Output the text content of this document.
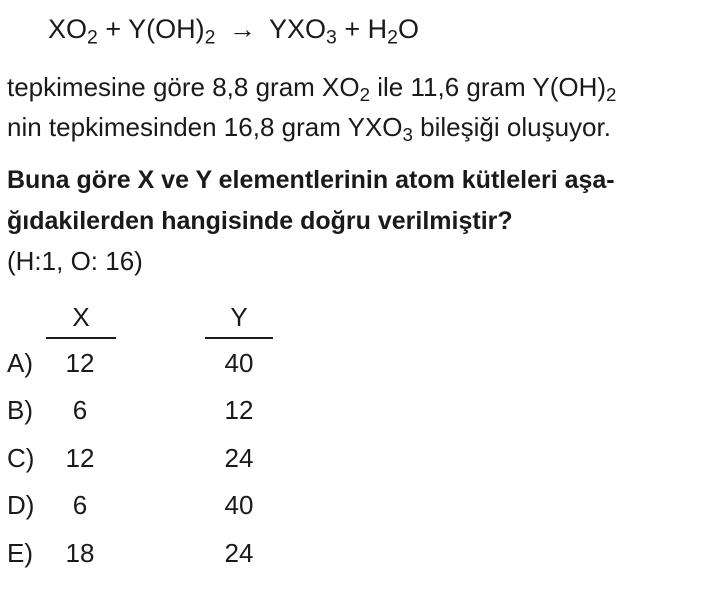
$XO_2 + Y(OH)_2 \to YXO_3 + H_2O$
tepkimesine göre 8,8 gram $XO_2$ ile 11,6 gram $Y(OH)_2$
nin tepkimesinden 16,8 gram $YXO_3$ bileşiği oluşuyor.
Buna göre X ve Y elementlerinin atom kütleleri aşa-
ğıdakilerden hangisinde doğru verilmiştir?
(H:1, O: 16)
X	Y
A) 12	40
B)	6	12
C) 12	24
D)	6	40
E) 18	24
